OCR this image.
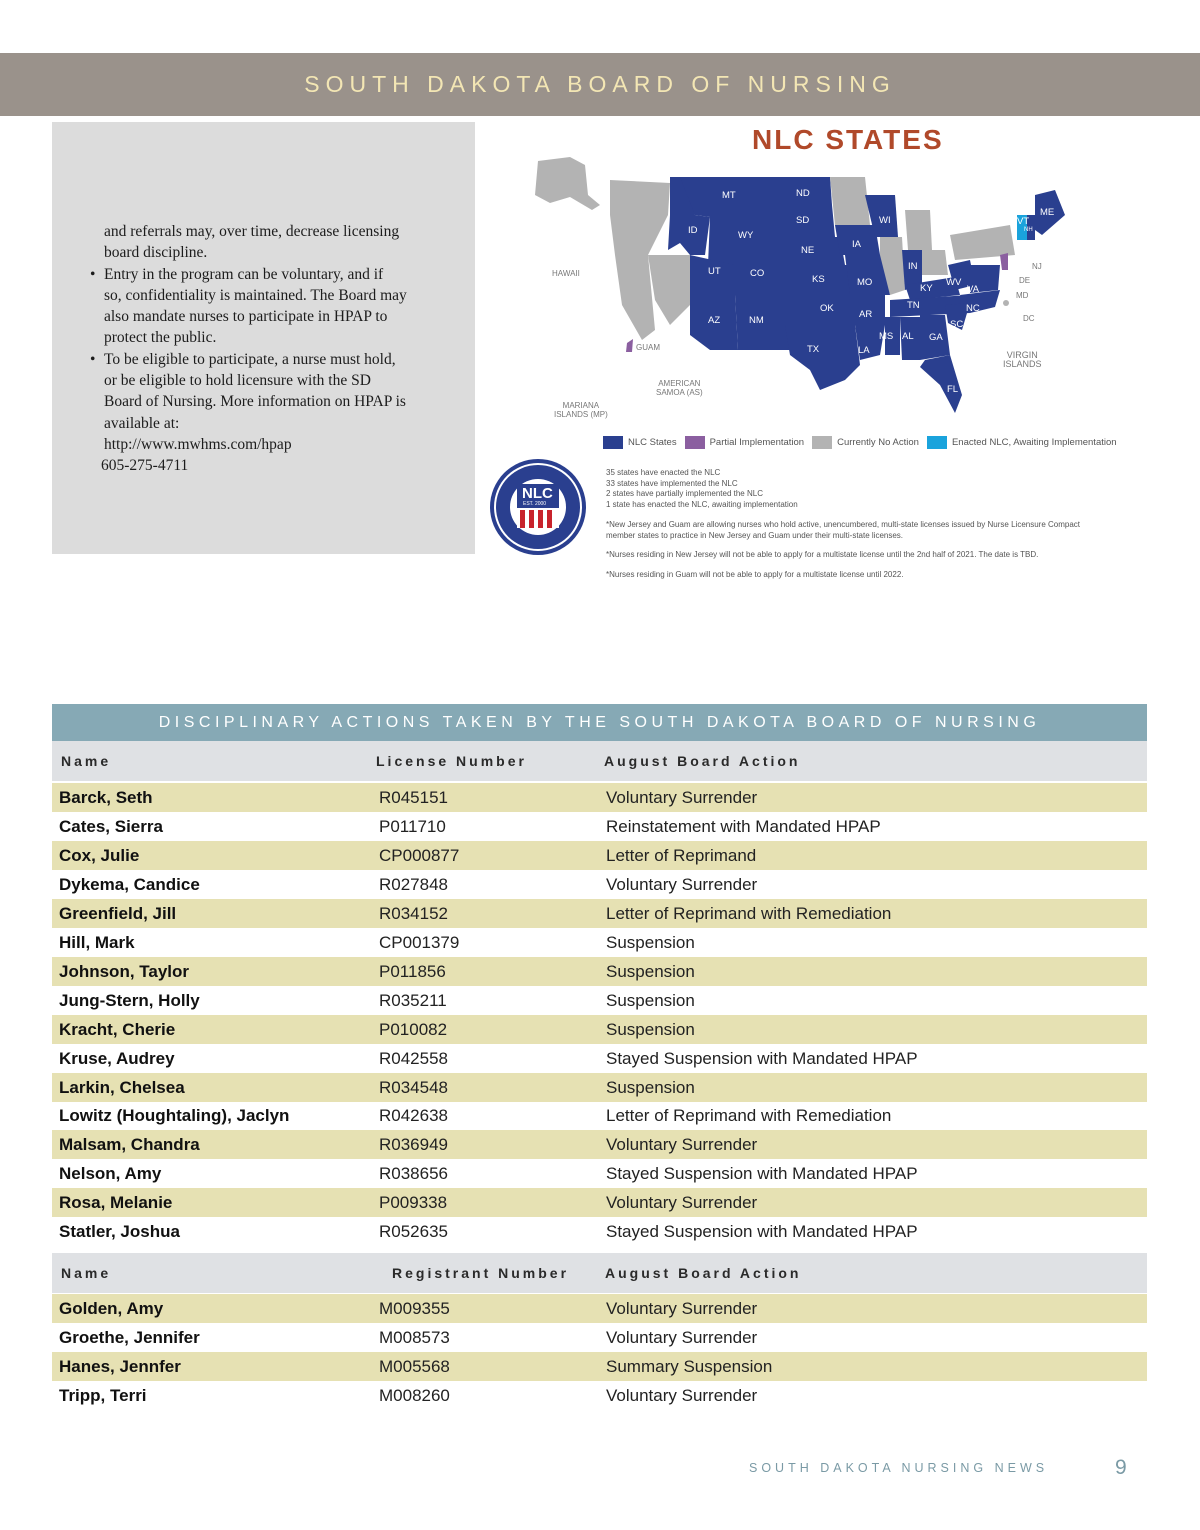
SOUTH DAKOTA BOARD OF NURSING
and referrals may, over time, decrease licensing
board discipline.
• Entry in the program can be voluntary, and if
so, confidentiality is maintained. The Board may
also mandate nurses to participate in HPAP to
protect the public.
• To be eligible to participate, a nurse must hold,
or be eligible to hold licensure with the SD
Board of Nursing. More information on HPAP is
available at:
http://www.mwhms.com/hpap
605-275-4711
NLC STATES
MT	ND
SD	WI
ME
VT
NH
ID	WY
NE
IA
UT	CO
KS	MO
IN	NJ
DE
MD
DC
KY
WV
VA
OK	TN	NC
AZ	NM
AR
SC
MS AL GA
TX	LA
FL
HAWAII
GUAM
MARIANA
ISLANDS (MP)
AMERICAN
SAMOA (AS)
VIRGIN
ISLANDS
NLC States	Partial Implementation	Currently No Action	Enacted NLC, Awaiting Implementation
NLC
EST. 2000

35 states have enacted the NLC

33 states have implemented the NLC

2 states have partially implemented the NLC

1 state has enacted the NLC, awaiting implementation

*New Jersey and Guam are allowing nurses who hold active, unencumbered, multi-state licenses issued by Nurse Licensure Compact member states to practice in New Jersey and Guam under their multi-state licenses.

*Nurses residing in New Jersey will not be able to apply for a multistate license until the 2nd half of 2021. The date is TBD.

*Nurses residing in Guam will not be able to apply for a multistate license until 2022.

DISCIPLINARY ACTIONS TAKEN BY THE SOUTH DAKOTA BOARD OF NURSING
Name	License Number	August Board Action
Barck, Seth	R045151	Voluntary Surrender
Cates, Sierra	P011710	Reinstatement with Mandated HPAP
Cox, Julie	CP000877	Letter of Reprimand
Dykema, Candice	R027848	Voluntary Surrender
Greenfield, Jill	R034152	Letter of Reprimand with Remediation
Hill, Mark	CP001379	Suspension
Johnson, Taylor	P011856	Suspension
Jung-Stern, Holly	R035211	Suspension
Kracht, Cherie	P010082	Suspension
Kruse, Audrey	R042558	Stayed Suspension with Mandated HPAP
Larkin, Chelsea	R034548	Suspension
Lowitz (Houghtaling), Jaclyn	R042638	Letter of Reprimand with Remediation
Malsam, Chandra	R036949	Voluntary Surrender
Nelson, Amy	R038656	Stayed Suspension with Mandated HPAP
Rosa, Melanie	P009338	Voluntary Surrender
Statler, Joshua	R052635	Stayed Suspension with Mandated HPAP
Name	Registrant Number	August Board Action
Golden, Amy	M009355	Voluntary Surrender
Groethe, Jennifer	M008573	Voluntary Surrender
Hanes, Jennfer	M005568	Summary Suspension
Tripp, Terri	M008260	Voluntary Surrender
SOUTH DAKOTA NURSING NEWS	9
